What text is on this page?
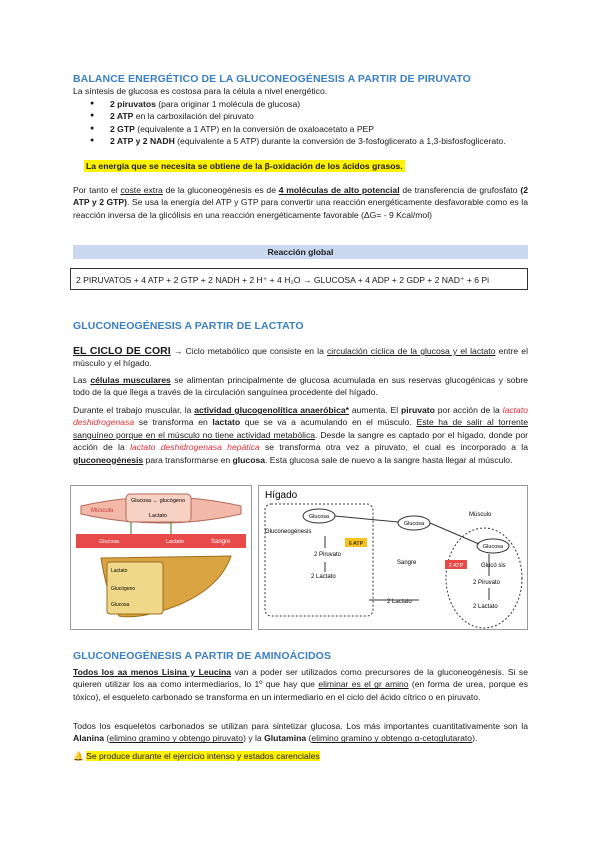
BALANCE ENERGÉTICO DE LA GLUCONEOGÉNESIS A PARTIR DE PIRUVATO
La síntesis de glucosa es costosa para la célula a nivel energético.
● 2 piruvatos (para originar 1 molécula de glucosa)
● 2 ATP en la carboxilación del piruvato
● 2 GTP (equivalente a 1 ATP) en la conversión de oxaloacetato a PEP
● 2 ATP y 2 NADH (equivalente a 5 ATP) durante la conversión de 3-fosfoglicerato a 1,3-bisfosfoglicerato.
La energía que se necesita se obtiene de la β-oxidación de los ácidos grasos.
Por tanto el coste extra de la gluconeogénesis es de 4 moléculas de alto potencial de transferencia de grufosfato (2 ATP y 2 GTP). Se usa la energía del ATP y GTP para convertir una reacción energéticamente desfavorable como es la reacción inversa de la glicólisis en una reacción energéticamente favorable (ΔG= - 9 Kcal/mol)
Reacción global
2 PIRUVATOS + 4 ATP + 2 GTP + 2 NADH + 2 H⁺ + 4 H₂O → GLUCOSA + 4 ADP + 2 GDP + 2 NAD⁺ + 6 Pi
GLUCONEOGÉNESIS A PARTIR DE LACTATO
EL CICLO DE CORI → Ciclo metabólico que consiste en la circulación cíclica de la glucosa y el lactato entre el músculo y el hígado.
Las células musculares se alimentan principalmente de glucosa acumulada en sus reservas glucogénicas y sobre todo de la que llega a través de la circulación sanguínea procedente del hígado.
Durante el trabajo muscular, la actividad glucogenolítica anaeróbica* aumenta. El piruvato por acción de la lactato deshidrogenasa se transforma en lactato que se va a acumulando en el músculo. Este ha de salir al torrente sanguíneo porque en el músculo no tiene actividad metabólica. Desde la sangre es captado por el hígado, donde por acción de la lactato deshidrogenasa hepática se transforma otra vez a piruvato, el cual es incorporado a la gluconeogénesis para transformarse en glucosa. Esta glucosa sale de nuevo a la sangre hasta llegar al músculo.
Glucosa ← glucógeno
Lactato
Músculo
Glucosa	Lactato	Sangre
Lactato
Glucógeno
Glucosa
Hígado
Hígado
Músculo
Glucosa
Gluconeogénesis
6 ATP
2 Piruvato
2 Lactato
Sangre
Glucosa
2 Lactato
Glucosa
2 ATP	Glucó sis
2 Piruvato
2 Lactato
GLUCONEOGÉNESIS A PARTIR DE AMINOÁCIDOS
Todos los aa menos Lisina y Leucina van a poder ser utilizados como precursores de la gluconeogénesis. Si se quieren utilizar los aa como intermediarios, lo 1º que hay que eliminar es el gr amino (en forma de urea, porque es tóxico), el esqueleto carbonado se transforma en un intermediario en el ciclo del ácido cítrico o en piruvato.
Todos los esqueletos carbonados se utilizan para sintetizar glucosa. Los más importantes cuantitativamente son la Alanina (elimino gramino y obtengo piruvato) y la Glutamina (elimino gramino y obtengo α-cetoglutarato).
🔔 Se produce durante el ejercicio intenso y estados carenciales
